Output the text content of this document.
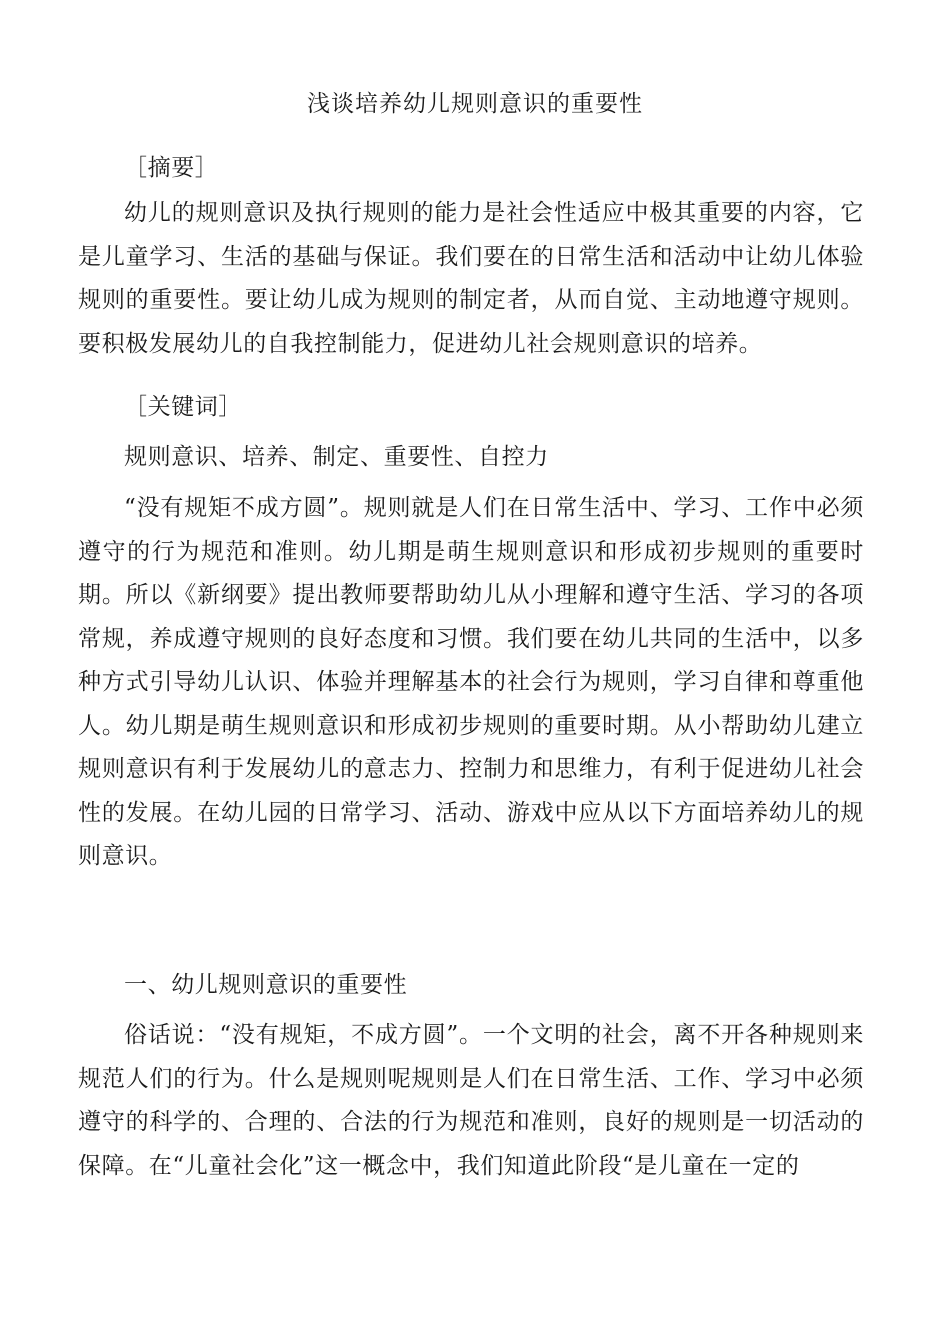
浅谈培养幼儿规则意识的重要性
［摘要］
幼儿的规则意识及执行规则的能力是社会性适应中极其重要的内容，它是儿童学习、生活的基础与保证。我们要在的日常生活和活动中让幼儿体验规则的重要性。要让幼儿成为规则的制定者，从而自觉、主动地遵守规则。要积极发展幼儿的自我控制能力，促进幼儿社会规则意识的培养。
［关键词］
规则意识、培养、制定、重要性、自控力
“没有规矩不成方圆”。规则就是人们在日常生活中、学习、工作中必须遵守的行为规范和准则。幼儿期是萌生规则意识和形成初步规则的重要时期。所以《新纲要》提出教师要帮助幼儿从小理解和遵守生活、学习的各项常规，养成遵守规则的良好态度和习惯。我们要在幼儿共同的生活中，以多种方式引导幼儿认识、体验并理解基本的社会行为规则，学习自律和尊重他人。幼儿期是萌生规则意识和形成初步规则的重要时期。从小帮助幼儿建立规则意识有利于发展幼儿的意志力、控制力和思维力，有利于促进幼儿社会性的发展。在幼儿园的日常学习、活动、游戏中应从以下方面培养幼儿的规则意识。
一、幼儿规则意识的重要性
俗话说：“没有规矩，不成方圆”。一个文明的社会，离不开各种规则来规范人们的行为。什么是规则呢规则是人们在日常生活、工作、学习中必须遵守的科学的、合理的、合法的行为规范和准则，良好的规则是一切活动的保障。在“儿童社会化”这一概念中，我们知道此阶段“是儿童在一定的
